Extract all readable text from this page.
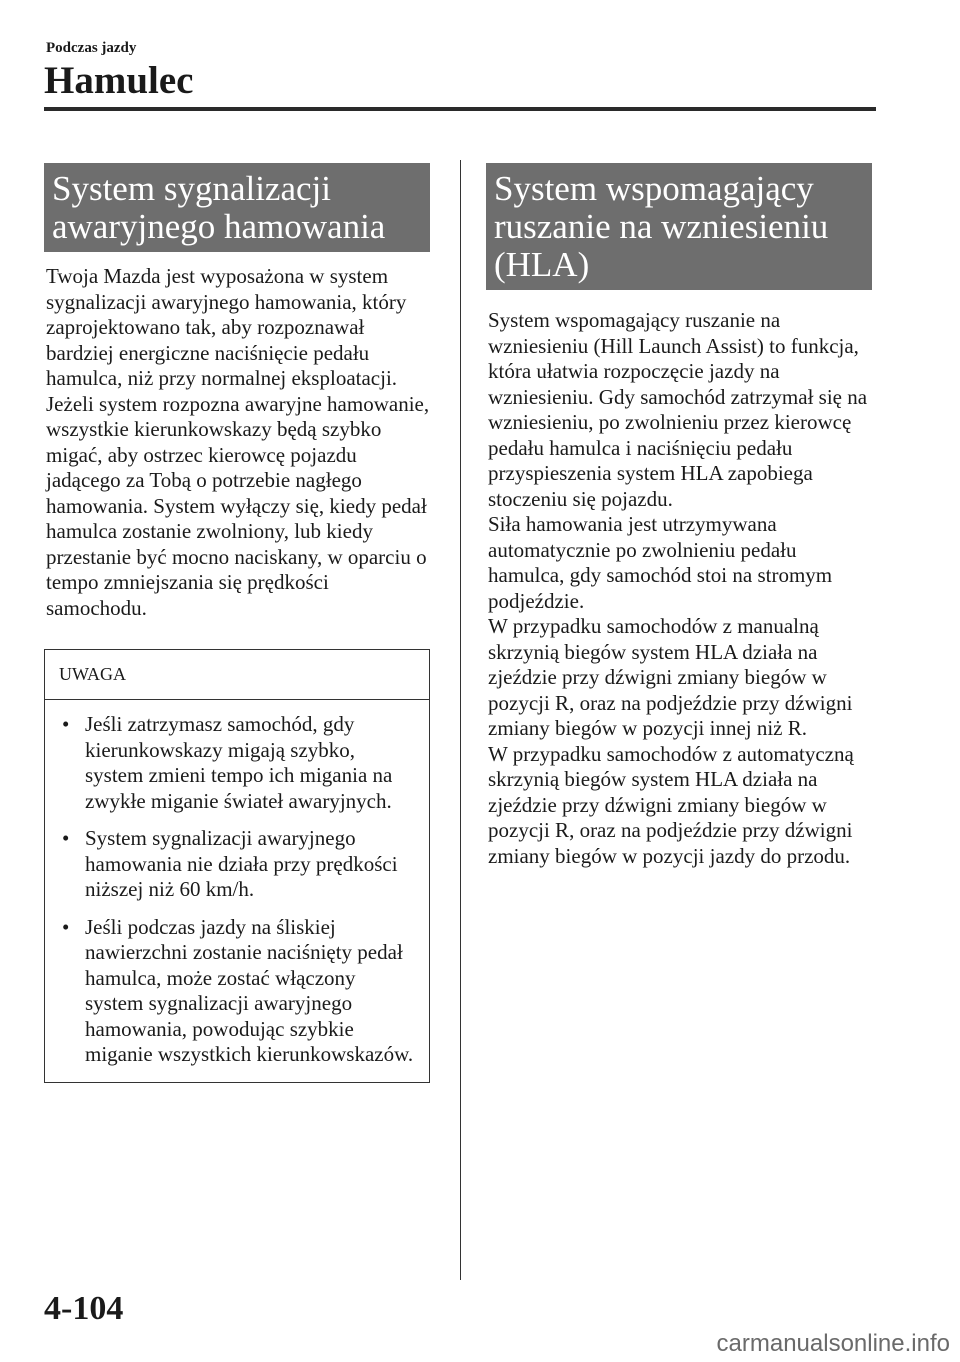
Podczas jazdy

Hamulec
System sygnalizacji awaryjnego hamowania

Twoja Mazda jest wyposażona w system sygnalizacji awaryjnego hamowania, który zaprojektowano tak, aby rozpoznawał bardziej energiczne naciśnięcie pedału hamulca, niż przy normalnej eksploatacji. Jeżeli system rozpozna awaryjne hamowanie, wszystkie kierunkowskazy będą szybko migać, aby ostrzec kierowcę pojazdu jadącego za Tobą o potrzebie nagłego hamowania. System wyłączy się, kiedy pedał hamulca zostanie zwolniony, lub kiedy przestanie być mocno naciskany, w oparciu o tempo zmniejszania się prędkości samochodu.

UWAGA

• Jeśli zatrzymasz samochód, gdy kierunkowskazy migają szybko, system zmieni tempo ich migania na zwykłe miganie świateł awaryjnych.
• System sygnalizacji awaryjnego hamowania nie działa przy prędkości niższej niż 60 km/h.
• Jeśli podczas jazdy na śliskiej nawierzchni zostanie naciśnięty pedał hamulca, może zostać włączony system sygnalizacji awaryjnego hamowania, powodując szybkie miganie wszystkich kierunkowskazów.
System wspomagający ruszanie na wzniesieniu (HLA)
System wspomagający ruszanie na wzniesieniu (Hill Launch Assist) to funkcja, która ułatwia rozpoczęcie jazdy na wzniesieniu. Gdy samochód zatrzymał się na wzniesieniu, po zwolnieniu przez kierowcę pedału hamulca i naciśnięciu pedału przyspieszenia system HLA zapobiega stoczeniu się pojazdu.
Siła hamowania jest utrzymywana automatycznie po zwolnieniu pedału hamulca, gdy samochód stoi na stromym podjeździe.
W przypadku samochodów z manualną skrzynią biegów system HLA działa na zjeździe przy dźwigni zmiany biegów w pozycji R, oraz na podjeździe przy dźwigni zmiany biegów w pozycji innej niż R.
W przypadku samochodów z automatyczną skrzynią biegów system HLA działa na zjeździe przy dźwigni zmiany biegów w pozycji R, oraz na podjeździe przy dźwigni zmiany biegów w pozycji jazdy do przodu.

4-104

carmanualsonline.info
